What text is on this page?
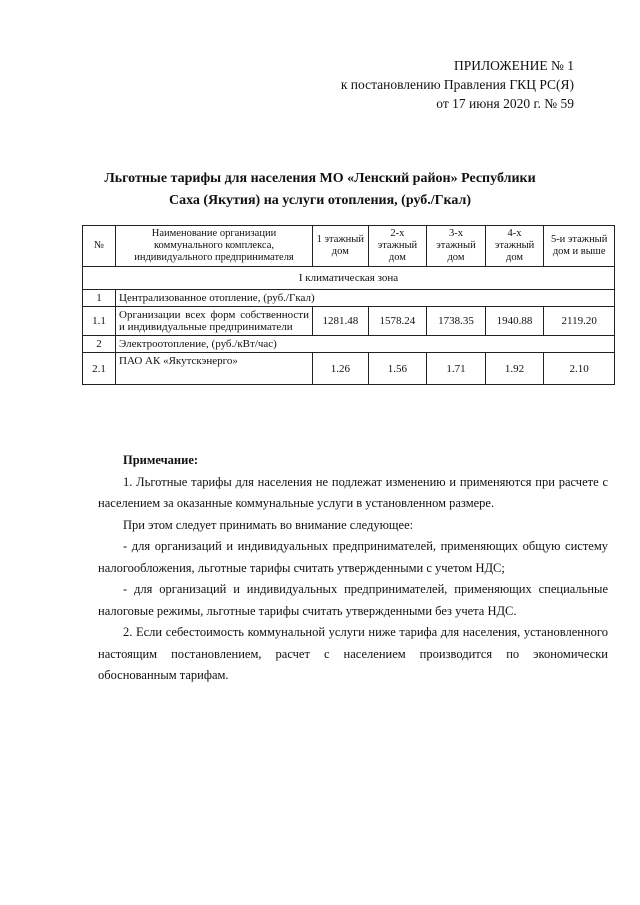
ПРИЛОЖЕНИЕ № 1
к постановлению Правления ГКЦ РС(Я)
от 17 июня 2020 г. № 59
Льготные тарифы для населения МО «Ленский район» Республики
Саха (Якутия) на услуги отопления, (руб./Гкал)
№	Наименование организации коммунального комплекса, индивидуального предпринимателя	1 этажный дом	2-х этажный дом	3-х этажный дом	4-х этажный дом	5-и этажный дом и выше
I климатическая зона						
1	Централизованное отопление, (руб./Гкал)					
1.1	Организации всех форм собственности и индивидуальные предприниматели	1281.48	1578.24	1738.35	1940.88	2119.20
2	Электроотопление, (руб./кВт/час)					
2.1	ПАО АК «Якутскэнерго»	1.26	1.56	1.71	1.92	2.10

Примечание:

1. Льготные тарифы для населения не подлежат изменению и применяются при расчете с населением за оказанные коммунальные услуги в установленном размере.

При этом следует принимать во внимание следующее:

- для организаций и индивидуальных предпринимателей, применяющих общую систему налогообложения, льготные тарифы считать утвержденными с учетом НДС;

- для организаций и индивидуальных предпринимателей, применяющих специальные налоговые режимы, льготные тарифы считать утвержденными без учета НДС.

2. Если себестоимость коммунальной услуги ниже тарифа для населения, установленного настоящим постановлением, расчет с населением производится по экономически обоснованным тарифам.
